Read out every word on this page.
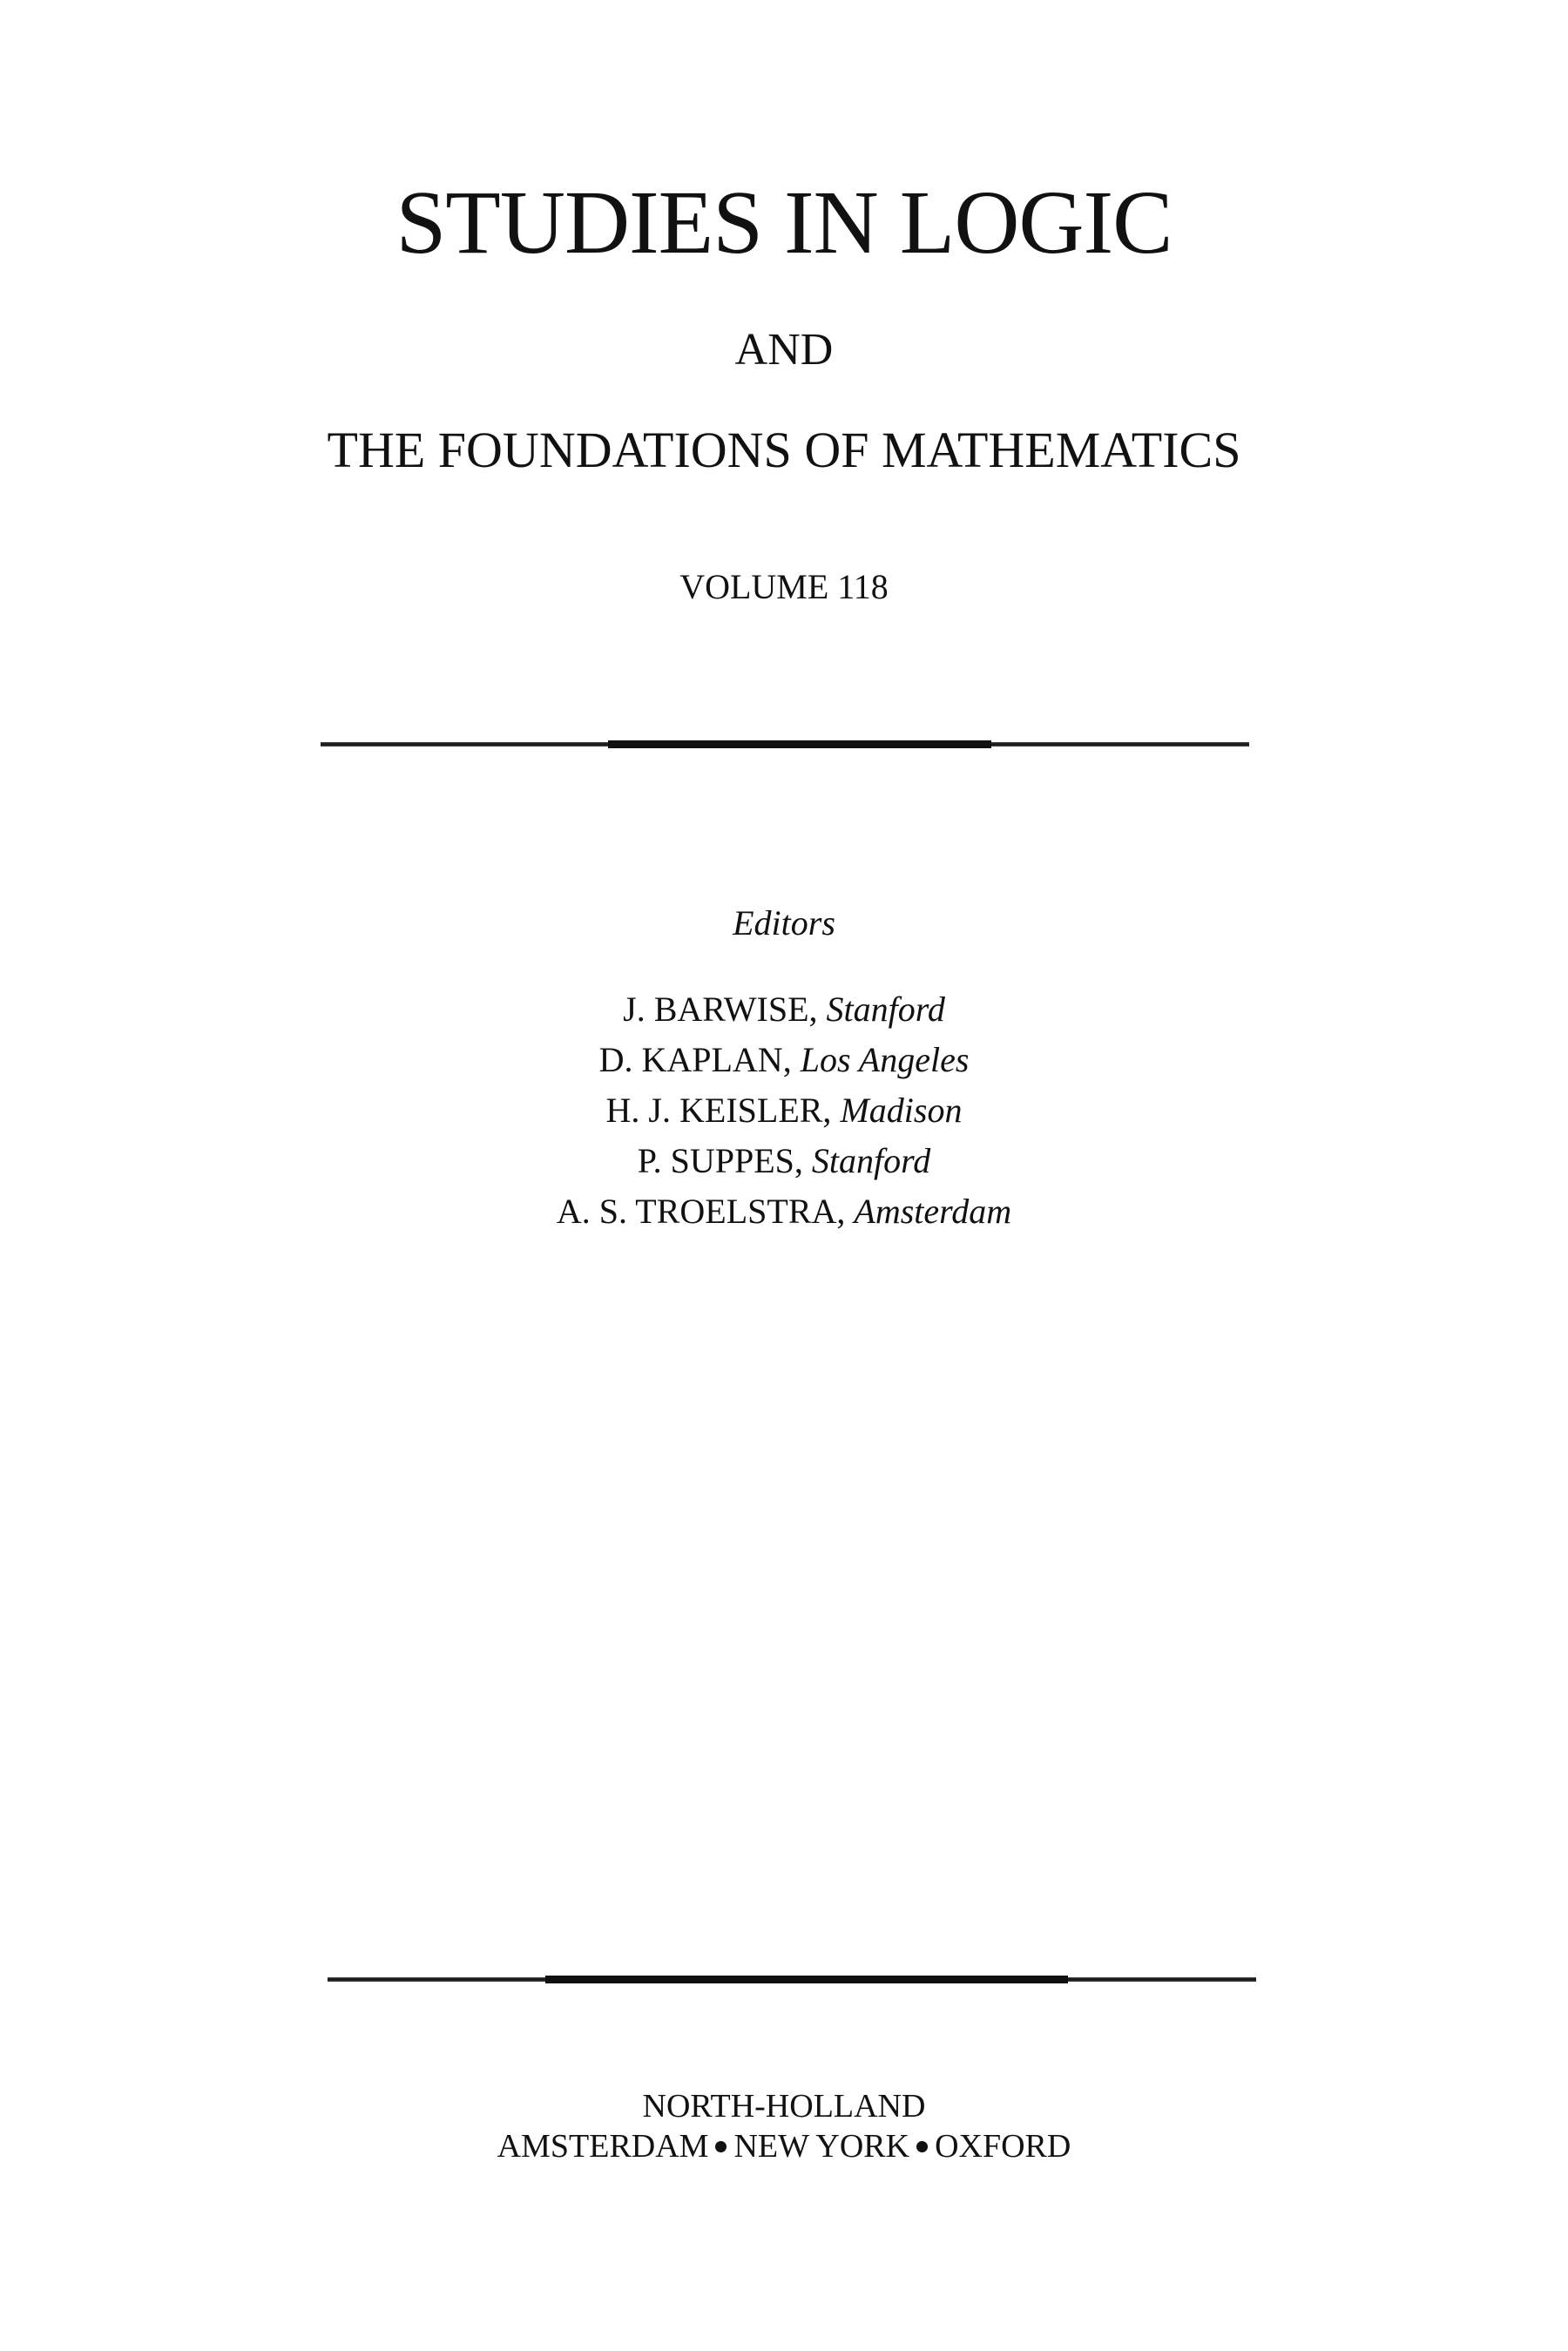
STUDIES IN LOGIC
AND
THE FOUNDATIONS OF MATHEMATICS
VOLUME 118
Editors
J. BARWISE, Stanford
D. KAPLAN, Los Angeles
H. J. KEISLER, Madison
P. SUPPES, Stanford
A. S. TROELSTRA, Amsterdam
NORTH-HOLLAND
AMSTERDAM NEW YORK OXFORD
